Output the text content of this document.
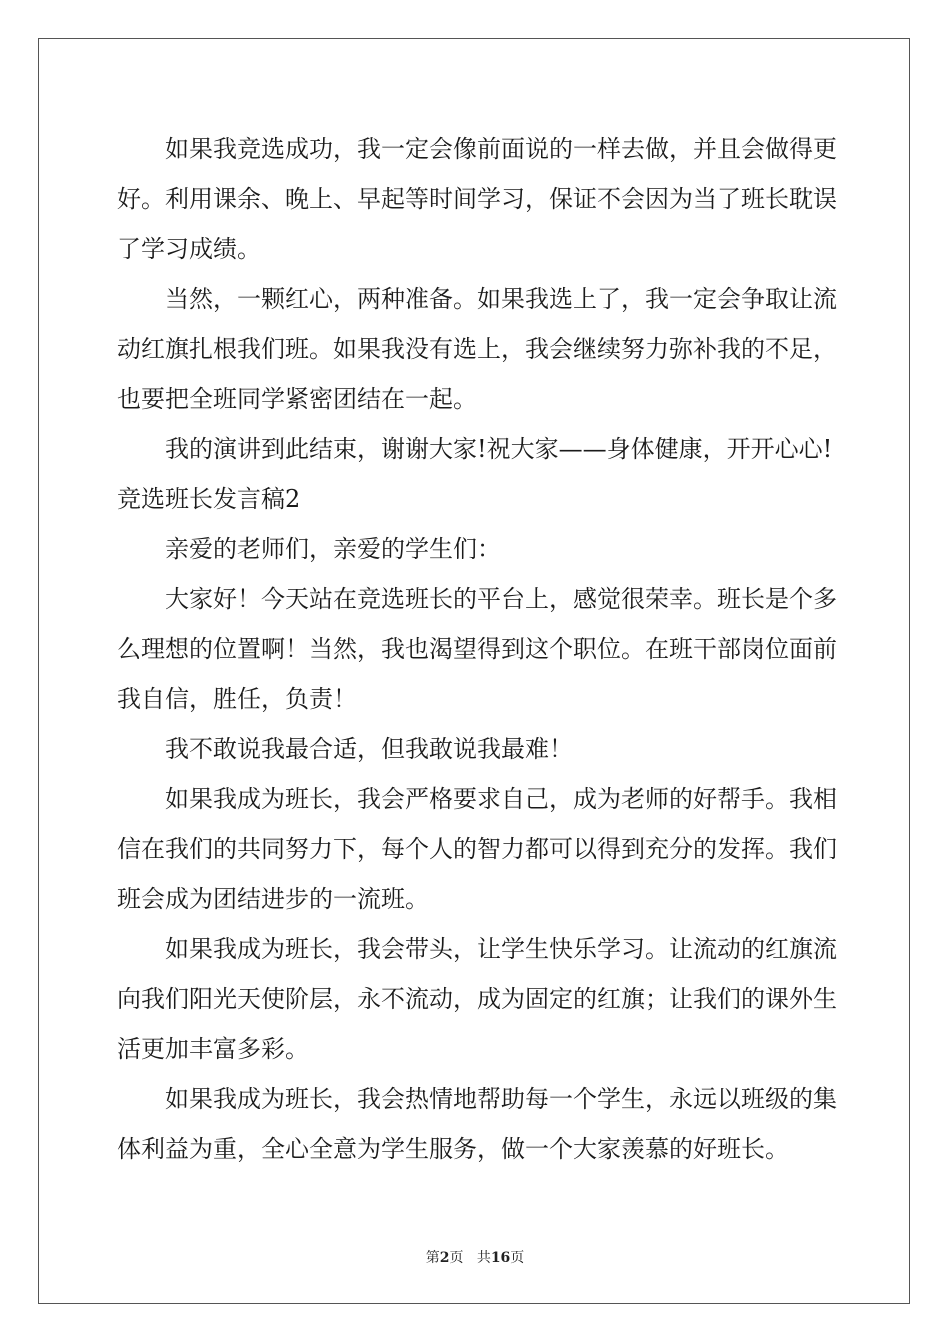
如果我竞选成功，我一定会像前面说的一样去做，并且会做得更
好。利用课余、晚上、早起等时间学习，保证不会因为当了班长耽误
了学习成绩。
当然，一颗红心，两种准备。如果我选上了，我一定会争取让流
动红旗扎根我们班。如果我没有选上，我会继续努力弥补我的不足，
也要把全班同学紧密团结在一起。
我的演讲到此结束，谢谢大家!祝大家——身体健康，开开心心!
竞选班长发言稿2
亲爱的老师们，亲爱的学生们：
大家好！今天站在竞选班长的平台上，感觉很荣幸。班长是个多
么理想的位置啊！当然，我也渴望得到这个职位。在班干部岗位面前
我自信，胜任，负责！
我不敢说我最合适，但我敢说我最难！
如果我成为班长，我会严格要求自己，成为老师的好帮手。我相
信在我们的共同努力下，每个人的智力都可以得到充分的发挥。我们
班会成为团结进步的一流班。
如果我成为班长，我会带头，让学生快乐学习。让流动的红旗流
向我们阳光天使阶层，永不流动，成为固定的红旗；让我们的课外生
活更加丰富多彩。
如果我成为班长，我会热情地帮助每一个学生，永远以班级的集
体利益为重，全心全意为学生服务，做一个大家羡慕的好班长。
第2页 共16页
